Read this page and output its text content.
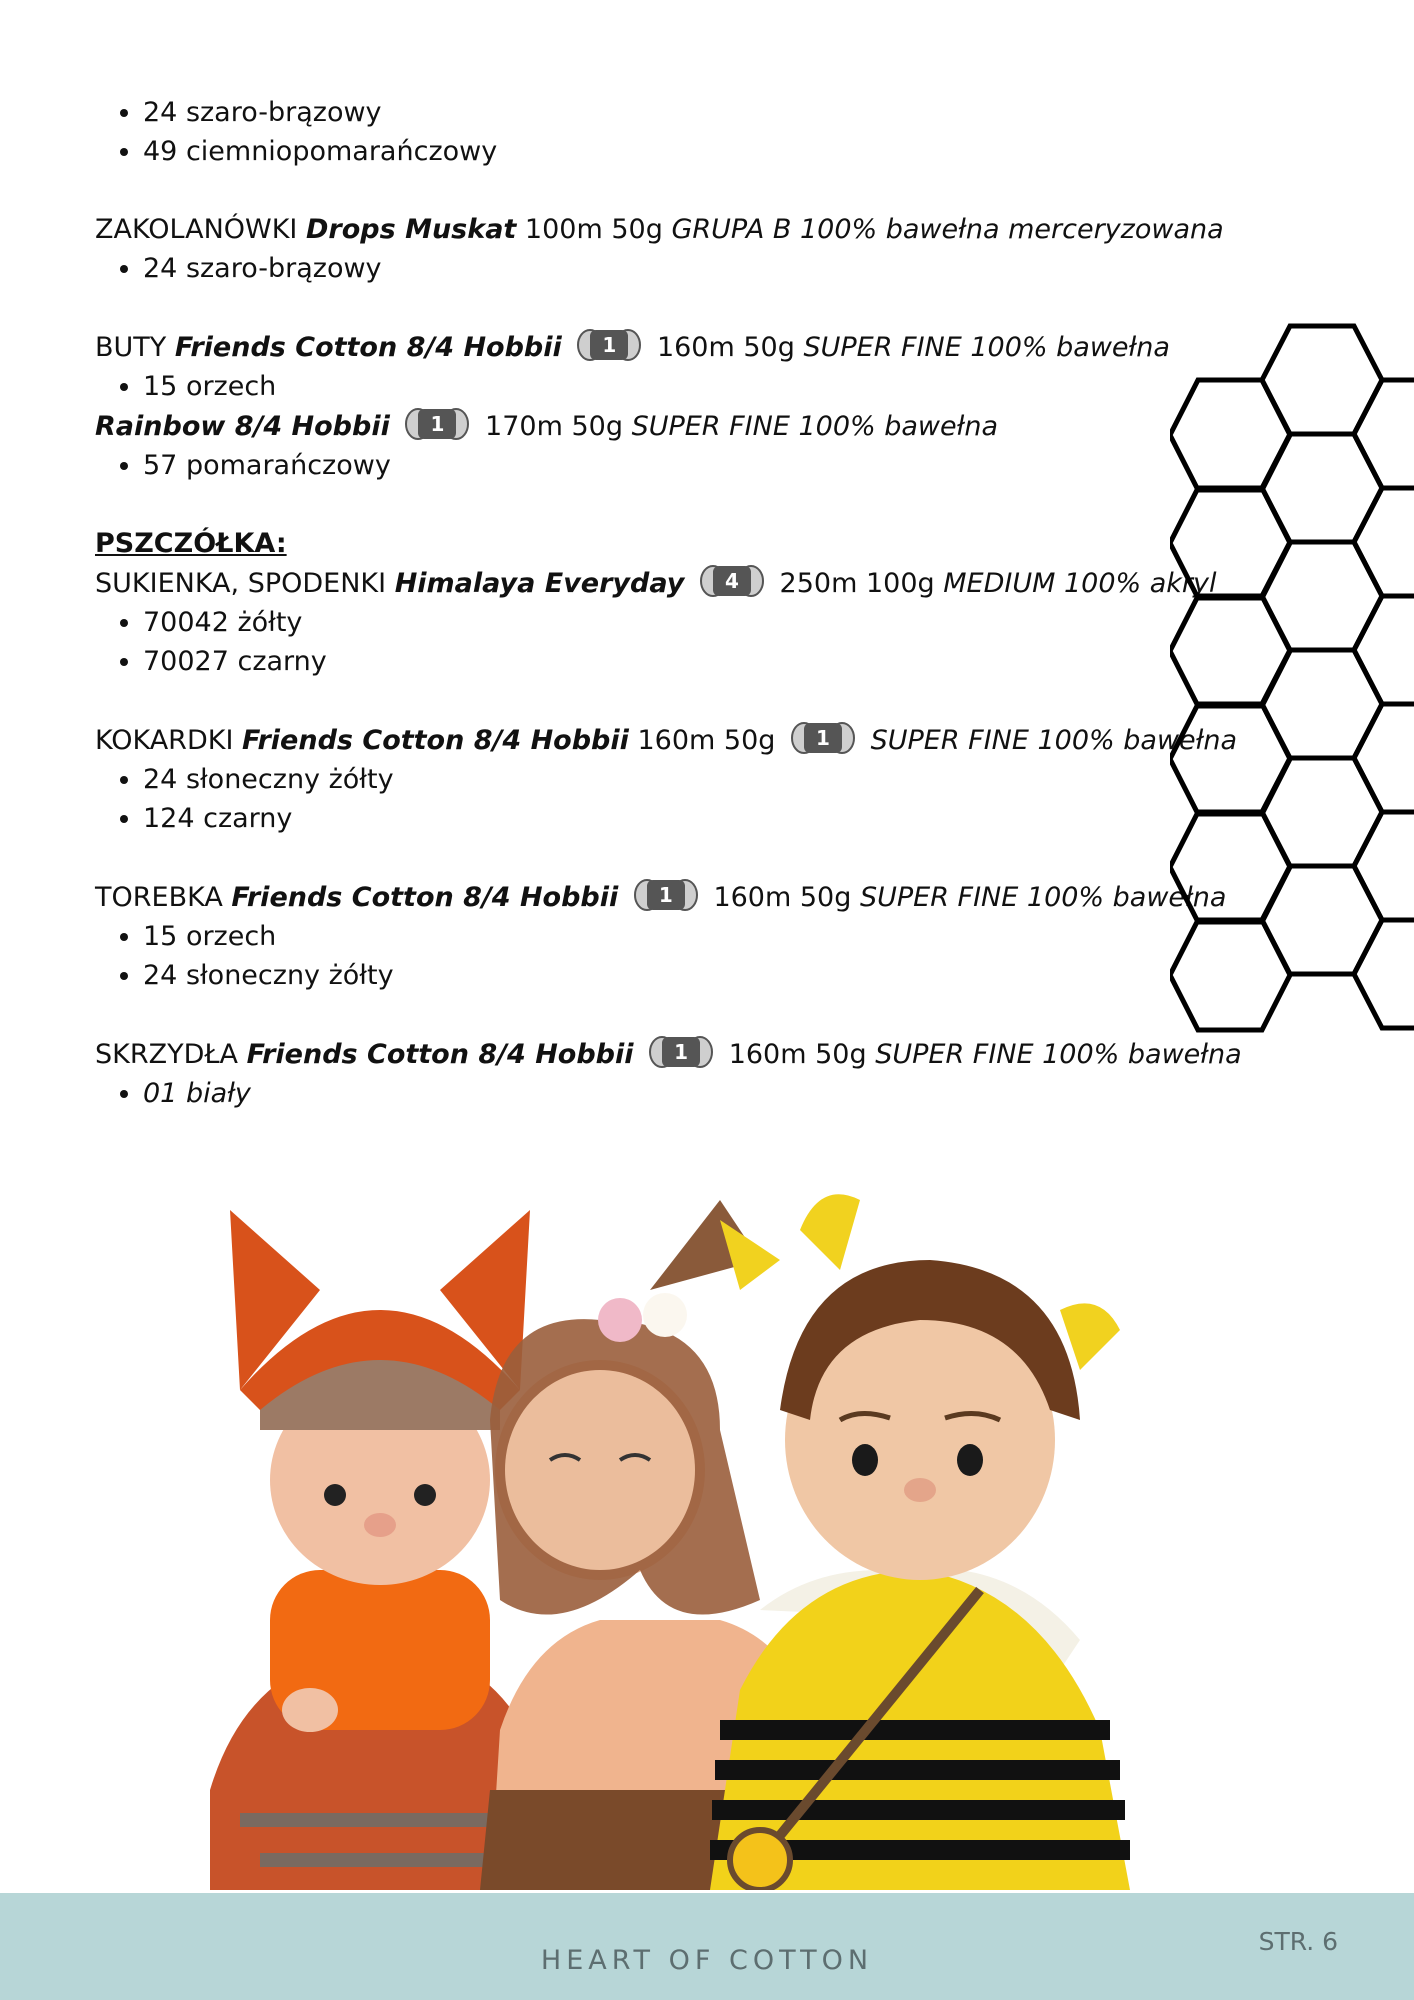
• 24 szaro-brązowy
• 49 ciemniopomarańczowy
ZAKOLANÓWKI Drops Muskat 100m 50g GRUPA B 100% bawełna merceryzowana
• 24 szaro-brązowy
BUTY Friends Cotton 8/4 Hobbii	1	160m 50g SUPER FINE 100% bawełna
• 15 orzech
Rainbow 8/4 Hobbii	1	170m 50g SUPER FINE 100% bawełna
• 57 pomarańczowy
PSZCZÓŁKA:
SUKIENKA, SPODENKI Himalaya Everyday	4	250m 100g MEDIUM 100% akryl
• 70042 żółty
• 70027 czarny
KOKARDKI Friends Cotton 8/4 Hobbii 160m 50g	1	SUPER FINE 100% bawełna
• 24 słoneczny żółty
• 124 czarny
TOREBKA Friends Cotton 8/4 Hobbii	1	160m 50g SUPER FINE 100% bawełna
• 15 orzech
• 24 słoneczny żółty
SKRZYDŁA Friends Cotton 8/4 Hobbii	1	160m 50g SUPER FINE 100% bawełna
• 01 biały
HEART OF COTTON
STR. 6
